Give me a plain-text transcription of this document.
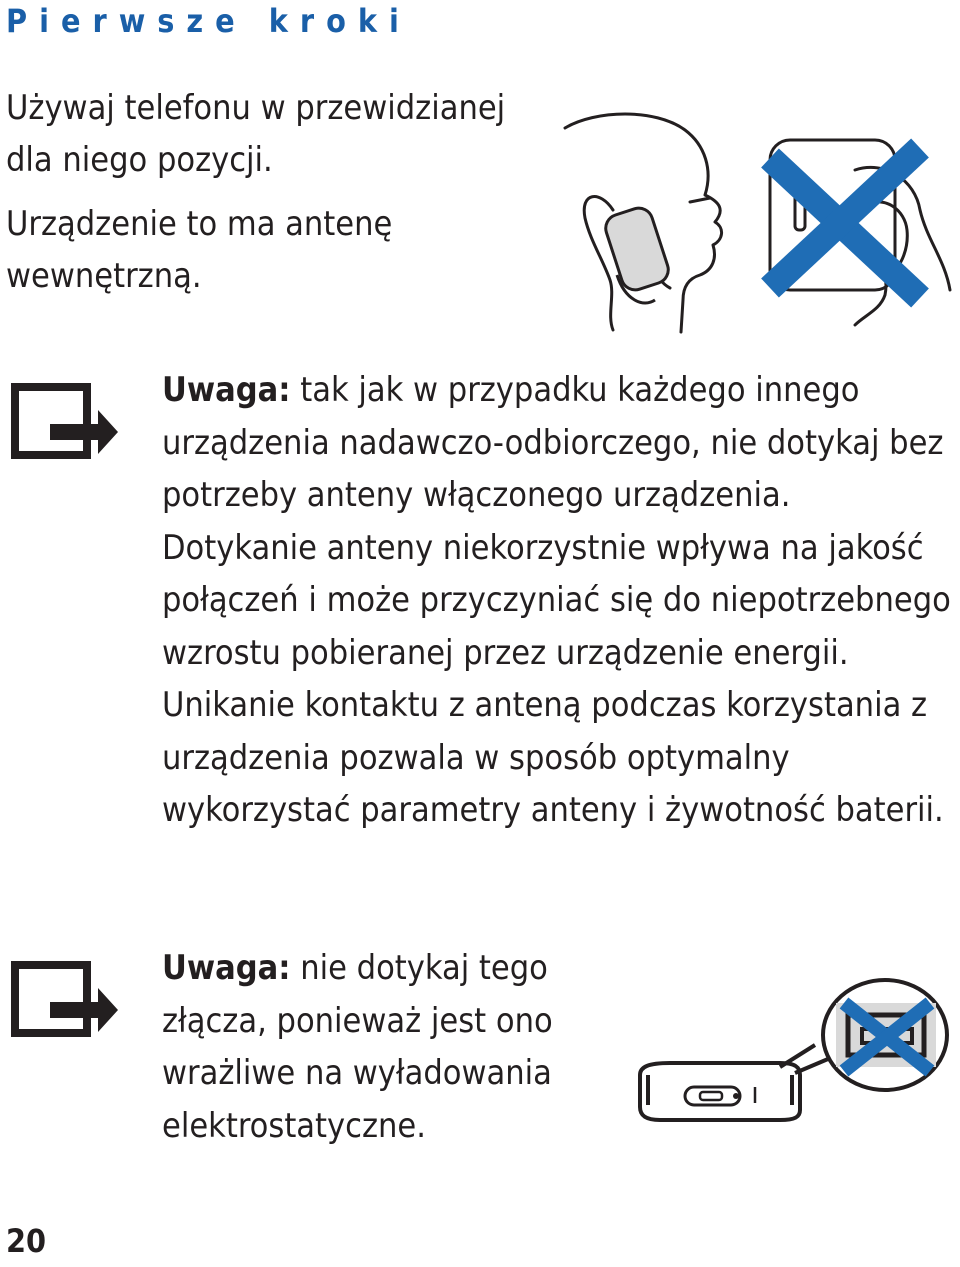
Pierwsze kroki
Używaj telefonu w przewidzianej dla niego pozycji.
Urządzenie to ma antenę wewnętrzną.
Uwaga: tak jak w przypadku każdego innego urządzenia nadawczo-odbiorczego, nie dotykaj bez potrzeby anteny włączonego urządzenia. Dotykanie anteny niekorzystnie wpływa na jakość połączeń i może przyczyniać się do niepotrzebnego wzrostu pobieranej przez urządzenie energii. Unikanie kontaktu z anteną podczas korzystania z urządzenia pozwala w sposób optymalny wykorzystać parametry anteny i żywotność baterii.
Uwaga: nie dotykaj tego złącza, ponieważ jest ono wrażliwe na wyładowania elektrostatyczne.
20
